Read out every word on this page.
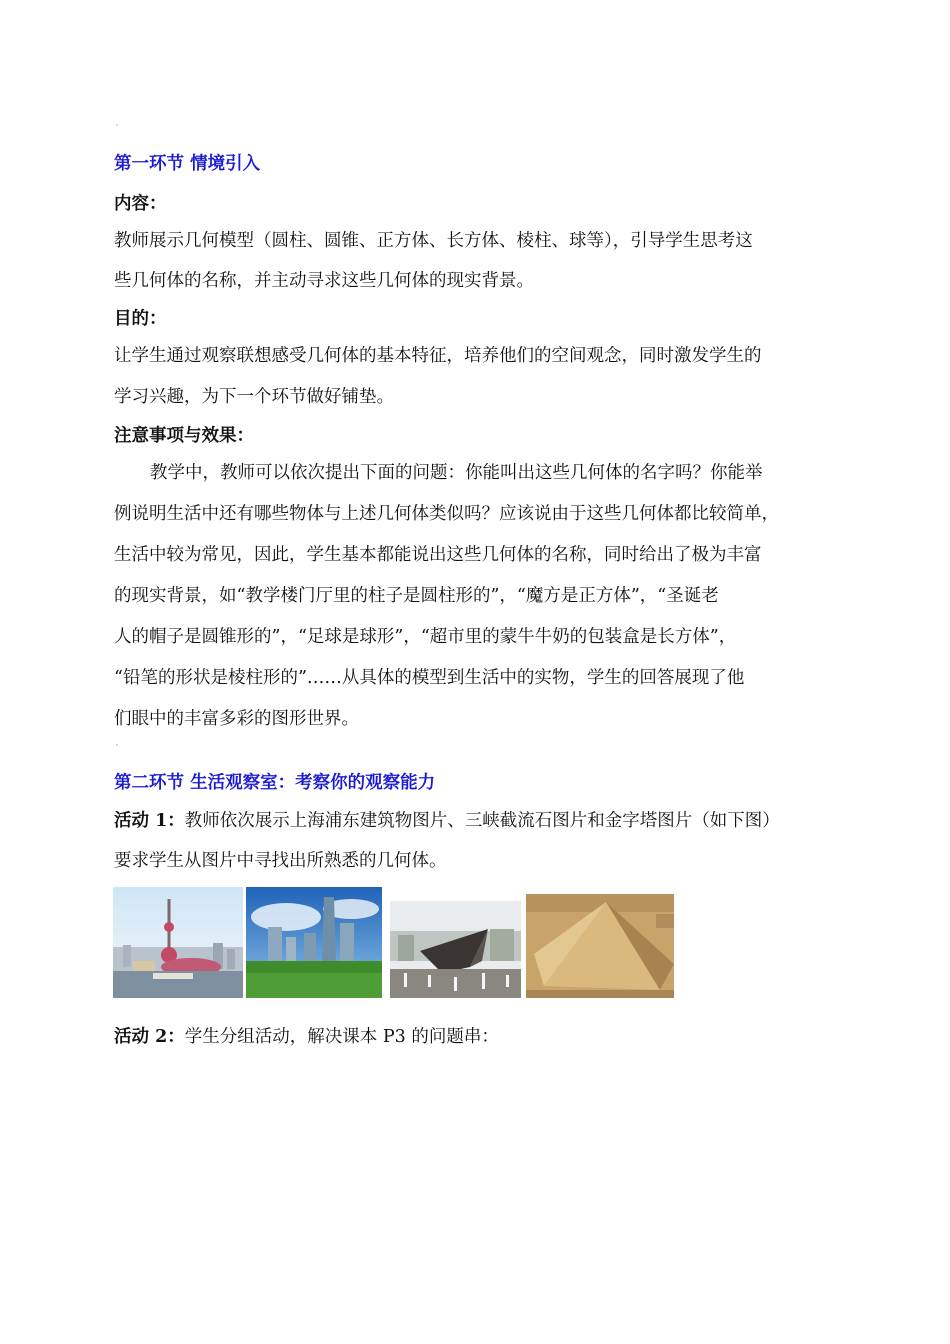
第一环节 情境引入
内容：
教师展示几何模型（圆柱、圆锥、正方体、长方体、棱柱、球等），引导学生思考这
些几何体的名称，并主动寻求这些几何体的现实背景。
目的：
让学生通过观察联想感受几何体的基本特征，培养他们的空间观念，同时激发学生的
学习兴趣，为下一个环节做好铺垫。
注意事项与效果：
教学中，教师可以依次提出下面的问题：你能叫出这些几何体的名字吗？你能举
例说明生活中还有哪些物体与上述几何体类似吗？应该说由于这些几何体都比较简单，
生活中较为常见，因此，学生基本都能说出这些几何体的名称，同时给出了极为丰富
的现实背景，如“教学楼门厅里的柱子是圆柱形的”，“魔方是正方体”，“圣诞老
人的帽子是圆锥形的”，“足球是球形”，“超市里的蒙牛牛奶的包装盒是长方体”，
“铅笔的形状是棱柱形的”……从具体的模型到生活中的实物，学生的回答展现了他
们眼中的丰富多彩的图形世界。
第二环节 生活观察室：考察你的观察能力
活动 1：教师依次展示上海浦东建筑物图片、三峡截流石图片和金字塔图片（如下图）
要求学生从图片中寻找出所熟悉的几何体。
活动 2：学生分组活动，解决课本 P3 的问题串：
